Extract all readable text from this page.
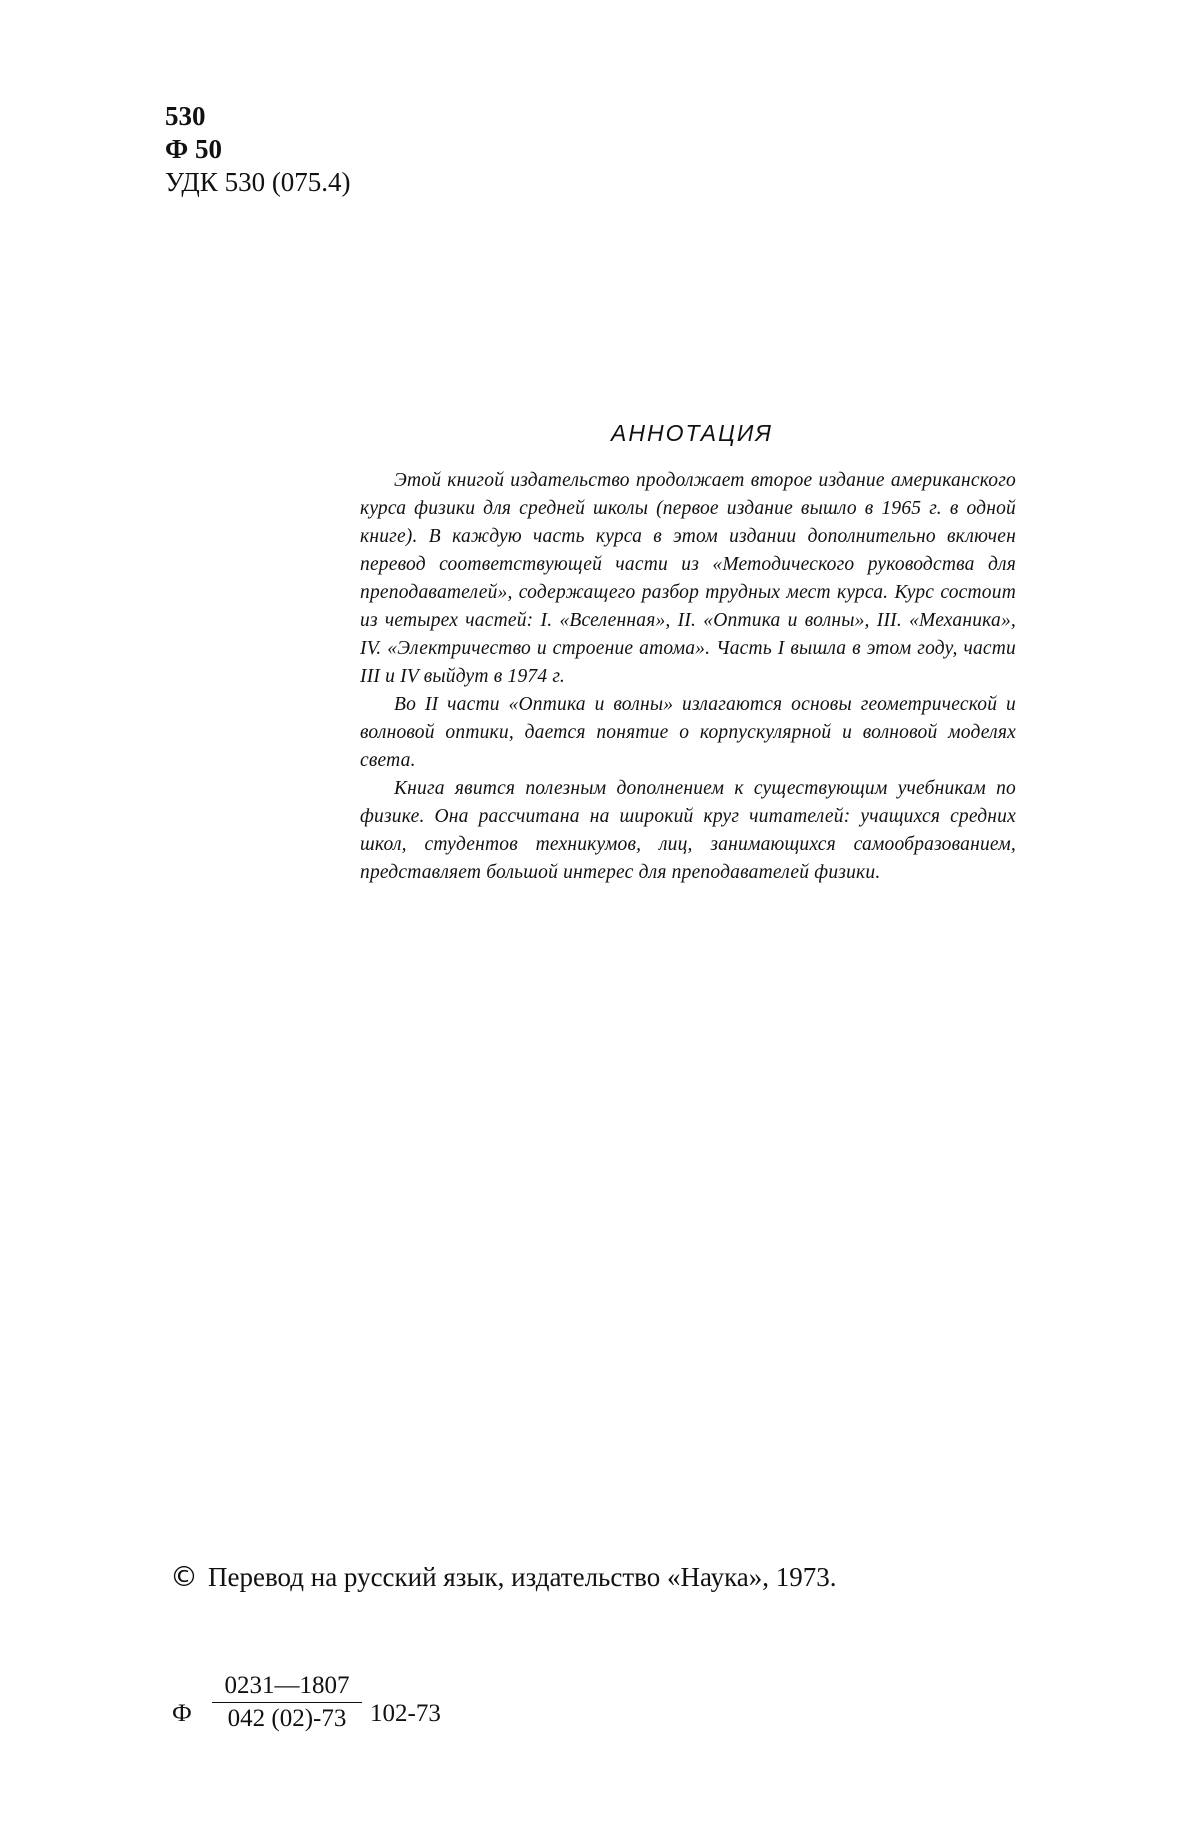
530
Ф 50
УДК 530 (075.4)
АННОТАЦИЯ

Этой книгой издательство продолжает второе издание американского курса физики для средней школы (первое издание вышло в 1965 г. в одной книге). В каждую часть курса в этом издании дополнительно включен перевод соответствующей части из «Методического руководства для преподавателей», содержащего разбор трудных мест курса. Курс состоит из четырех частей: I. «Вселенная», II. «Оптика и волны», III. «Механика», IV. «Электричество и строение атома». Часть I вышла в этом году, части III и IV выйдут в 1974 г.

Во II части «Оптика и волны» излагаются основы геометрической и волновой оптики, дается понятие о корпускулярной и волновой моделях света.

Книга явится полезным дополнением к существующим учебникам по физике. Она рассчитана на широкий круг читателей: учащихся средних школ, студентов техникумов, лиц, занимающихся самообразованием, представляет большой интерес для преподавателей физики.

© Перевод на русский язык, издательство «Наука», 1973.
Ф $\frac{0231—1807}{042 (02)-73} 102-73$
